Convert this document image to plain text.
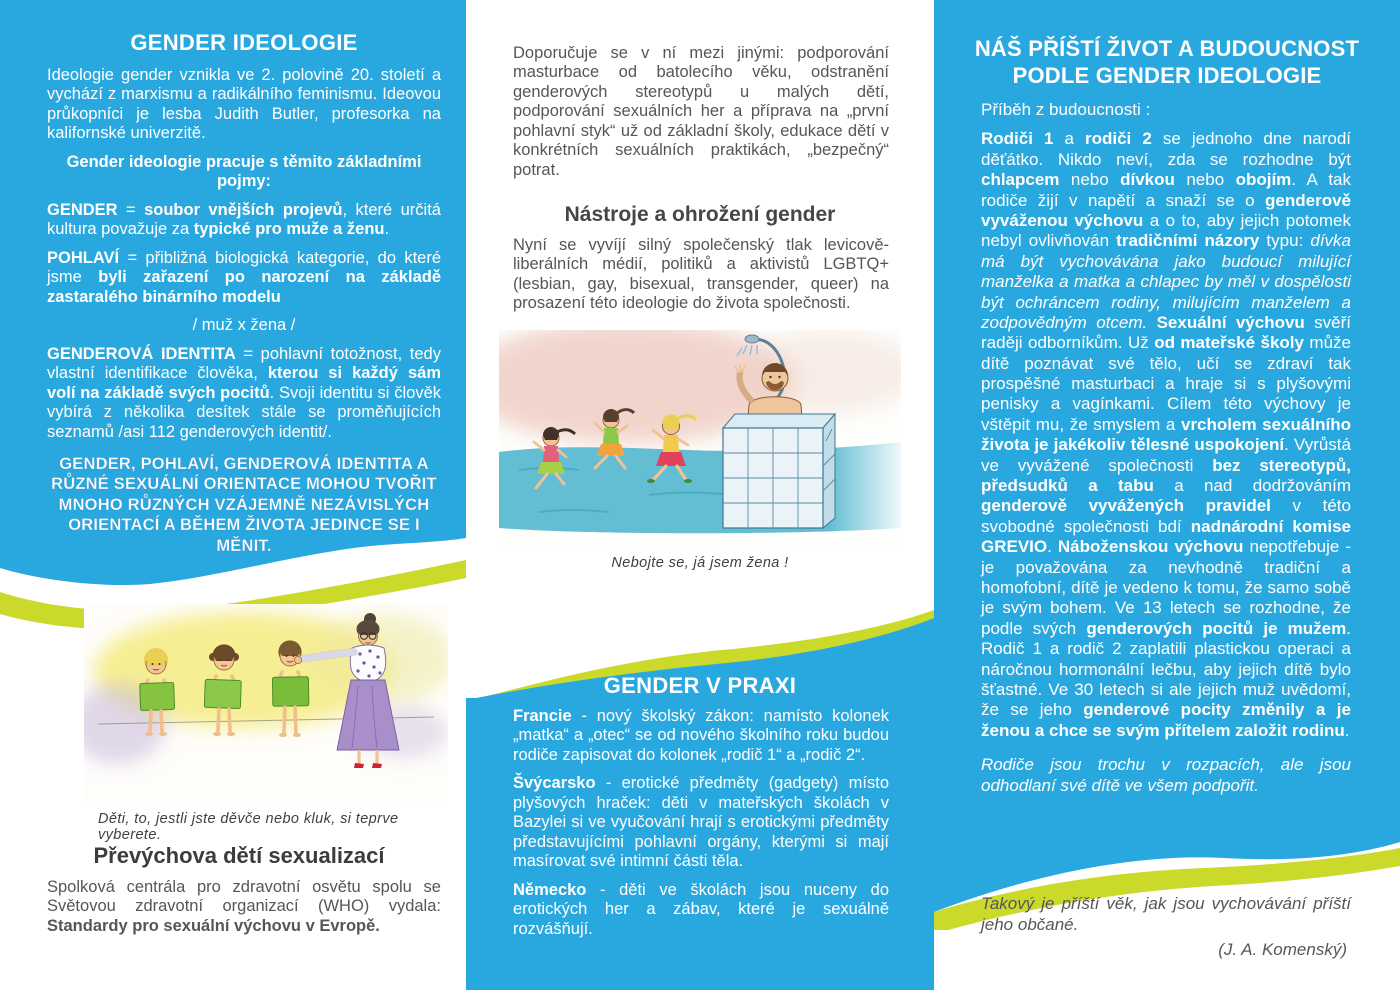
GENDER IDEOLOGIE

Ideologie gender vznikla ve 2. polovině 20. století a vychází z marxismu a radikálního feminismu. Ideovou průkopníci je lesba Judith Butler, profesorka na kalifornské univerzitě.

Gender ideologie pracuje s těmito základními pojmy:

GENDER = soubor vnějších projevů, které určitá kultura považuje za typické pro muže a ženu.

POHLAVÍ = přibližná biologická kategorie, do které jsme byli zařazení po narození na základě zastaralého binárního modelu

/ muž x žena /

GENDEROVÁ IDENTITA = pohlavní totožnost, tedy vlastní identifikace člověka, kterou si každý sám volí na základě svých pocitů. Svoji identitu si člověk vybírá z několika desítek stále se proměňujících seznamů /asi 112 genderových identit/.

GENDER, POHLAVÍ, GENDEROVÁ IDENTITA A RŮZNÉ SEXUÁLNÍ ORIENTACE MOHOU TVOŘIT MNOHO RŮZNÝCH VZÁJEMNĚ NEZÁVISLÝCH ORIENTACÍ A BĚHEM ŽIVOTA JEDINCE SE I MĚNIT.

Děti, to, jestli jste děvče nebo kluk, si teprve vyberete.
Převýchova dětí sexualizací

Spolková centrála pro zdravotní osvětu spolu se Světovou zdravotní organizací (WHO) vydala: Standardy pro sexuální výchovu v Evropě.

Doporučuje se v ní mezi jinými: podporování masturbace od batolecího věku, odstranění genderových stereotypů u malých dětí, podporování sexuálních her a příprava na „první pohlavní styk“ už od základní školy, edukace dětí v konkrétních sexuálních praktikách, „bezpečný“ potrat.

Nástroje a ohrožení gender

Nyní se vyvíjí silný společenský tlak levicově-liberálních médií, politiků a aktivistů LGBTQ+ (lesbian, gay, bisexual, transgender, queer) na prosazení této ideologie do života společnosti.

Nebojte se, já jsem žena !
GENDER V PRAXI

Francie - nový školský zákon: namísto kolonek „matka“ a „otec“ se od nového školního roku budou rodiče zapisovat do kolonek „rodič 1“ a „rodič 2“.

Švýcarsko - erotické předměty (gadgety) místo plyšových hraček: děti v mateřských školách v Bazylei si ve vyučování hrají s erotickými předměty představujícími pohlavní orgány, kterými si mají masírovat své intimní části těla.

Německo - děti ve školách jsou nuceny do erotických her a zábav, které je sexuálně rozvášňují.

NÁŠ PŘÍŠTÍ ŽIVOT A BUDOUCNOST PODLE GENDER IDEOLOGIE

Příběh z budoucnosti :

Rodiči 1 a rodiči 2 se jednoho dne narodí děťátko. Nikdo neví, zda se rozhodne být chlapcem nebo dívkou nebo obojím. A tak rodiče žijí v napětí a snaží se o genderově vyváženou výchovu a o to, aby jejich potomek nebyl ovlivňován tradičními názory typu: dívka má být vychovávána jako budoucí milující manželka a matka a chlapec by měl v dospělosti být ochráncem rodiny, milujícím manželem a zodpovědným otcem. Sexuální výchovu svěří raději odborníkům. Už od mateřské školy může dítě poznávat své tělo, učí se zdraví tak prospěšné masturbaci a hraje si s plyšovými penisky a vagínkami. Cílem této výchovy je vštěpit mu, že smyslem a vrcholem sexuálního života je jakékoliv tělesné uspokojení. Vyrůstá ve vyvážené společnosti bez stereotypů, předsudků a tabu a nad dodržováním genderově vyvážených pravidel v této svobodné společnosti bdí nadnárodní komise GREVIO. Náboženskou výchovu nepotřebuje - je považována za nevhodně tradiční a homofobní, dítě je vedeno k tomu, že samo sobě je svým bohem. Ve 13 letech se rozhodne, že podle svých genderových pocitů je mužem. Rodič 1 a rodič 2 zaplatili plastickou operaci a náročnou hormonální lečbu, aby jejich dítě bylo šťastné. Ve 30 letech si ale jejich muž uvědomí, že se jeho genderové pocity změnily a je ženou a chce se svým přítelem založit rodinu.

Rodiče jsou trochu v rozpacích, ale jsou odhodlaní své dítě ve všem podpořit.

Takový je příští věk, jak jsou vychovávání příští jeho občané.

(J. A. Komenský)
